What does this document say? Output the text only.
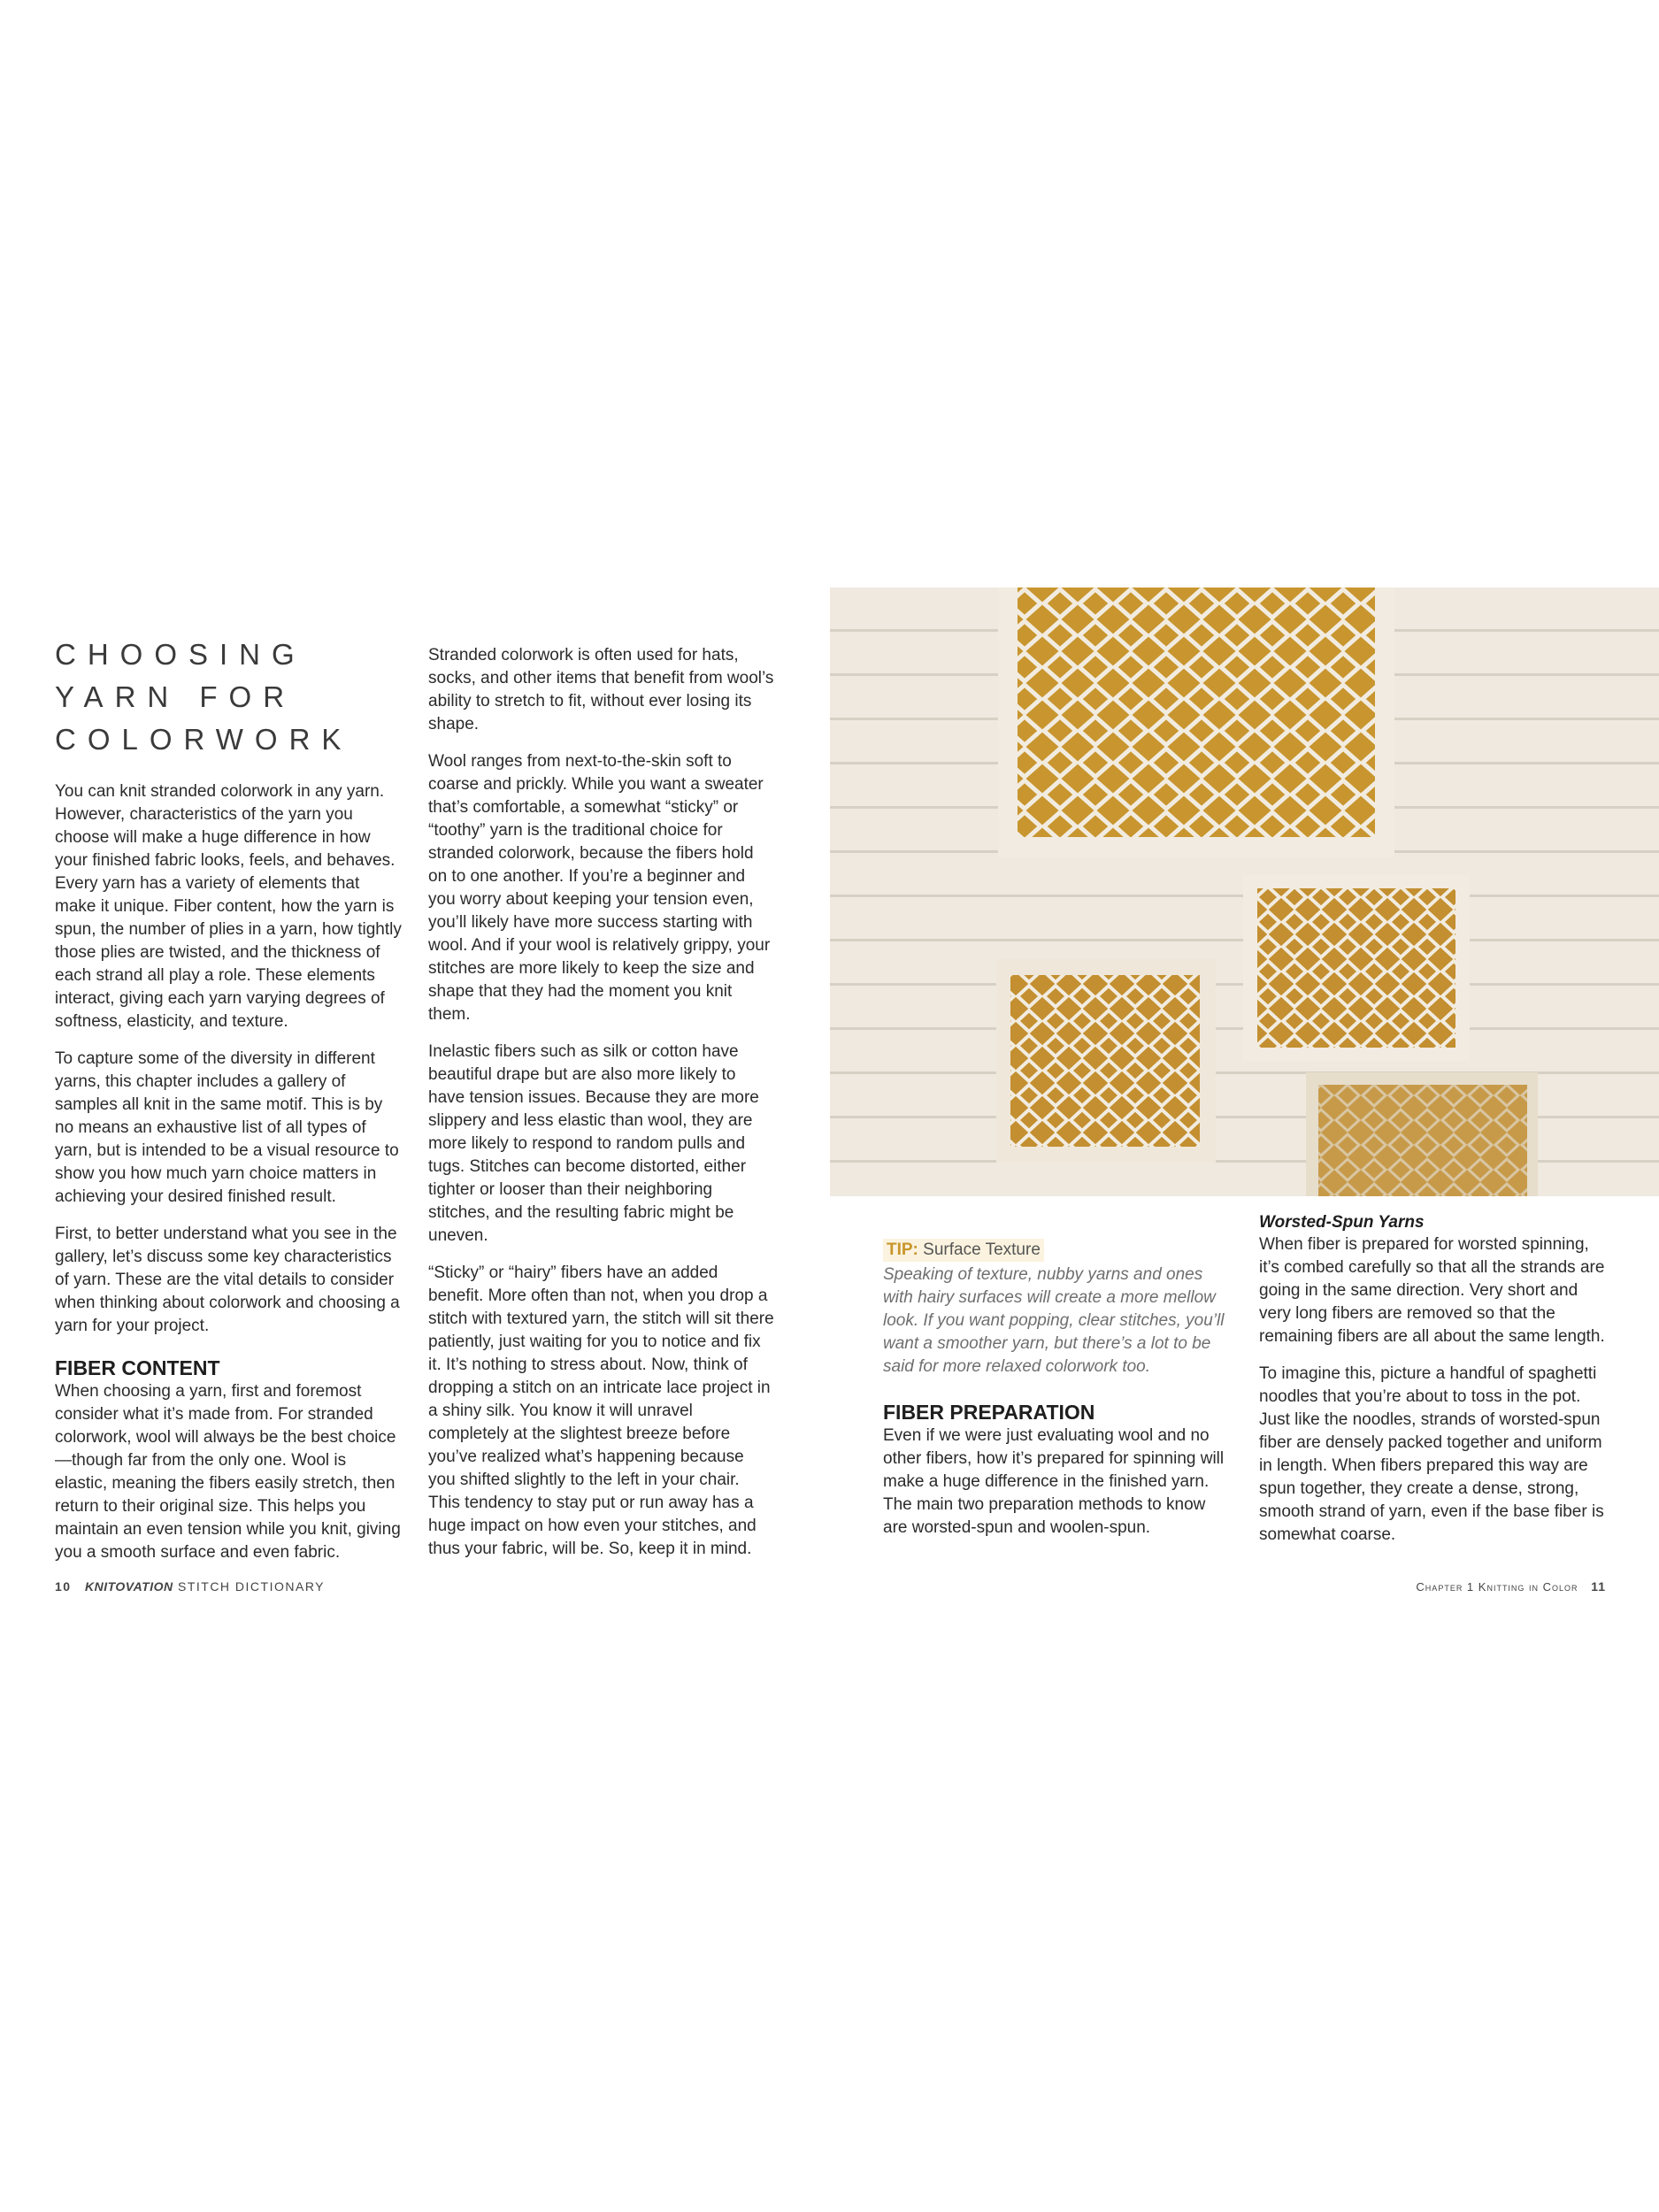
CHOOSING YARN FOR COLORWORK

You can knit stranded colorwork in any yarn. However, characteristics of the yarn you choose will make a huge difference in how your finished fabric looks, feels, and behaves. Every yarn has a variety of elements that make it unique. Fiber content, how the yarn is spun, the number of plies in a yarn, how tightly those plies are twisted, and the thickness of each strand all play a role. These elements interact, giving each yarn varying degrees of softness, elasticity, and texture.

To capture some of the diversity in different yarns, this chapter includes a gallery of samples all knit in the same motif. This is by no means an exhaustive list of all types of yarn, but is intended to be a visual resource to show you how much yarn choice matters in achieving your desired finished result.

First, to better understand what you see in the gallery, let’s discuss some key characteristics of yarn. These are the vital details to consider when thinking about colorwork and choosing a yarn for your project.

FIBER CONTENT

When choosing a yarn, first and foremost consider what it’s made from. For stranded colorwork, wool will always be the best choice—though far from the only one. Wool is elastic, meaning the fibers easily stretch, then return to their original size. This helps you maintain an even tension while you knit, giving you a smooth surface and even fabric.

Stranded colorwork is often used for hats, socks, and other items that benefit from wool’s ability to stretch to fit, without ever losing its shape.

Wool ranges from next-to-the-skin soft to coarse and prickly. While you want a sweater that’s comfortable, a somewhat “sticky” or “toothy” yarn is the traditional choice for stranded colorwork, because the fibers hold on to one another. If you’re a beginner and you worry about keeping your tension even, you’ll likely have more success starting with wool. And if your wool is relatively grippy, your stitches are more likely to keep the size and shape that they had the moment you knit them.

Inelastic fibers such as silk or cotton have beautiful drape but are also more likely to have tension issues. Because they are more slippery and less elastic than wool, they are more likely to respond to random pulls and tugs. Stitches can become distorted, either tighter or looser than their neighboring stitches, and the resulting fabric might be uneven.

“Sticky” or “hairy” fibers have an added benefit. More often than not, when you drop a stitch with textured yarn, the stitch will sit there patiently, just waiting for you to notice and fix it. It’s nothing to stress about. Now, think of dropping a stitch on an intricate lace project in a shiny silk. You know it will unravel completely at the slightest breeze before you’ve realized what’s happening because you shifted slightly to the left in your chair. This tendency to stay put or run away has a huge impact on how even your stitches, and thus your fabric, will be. So, keep it in mind.

10 KNITOVATION STITCH DICTIONARY
TIP: Surface Texture
Speaking of texture, nubby yarns and ones with hairy surfaces will create a more mellow look. If you want popping, clear stitches, you’ll want a smoother yarn, but there’s a lot to be said for more relaxed colorwork too.
FIBER PREPARATION

Even if we were just evaluating wool and no other fibers, how it’s prepared for spinning will make a huge difference in the finished yarn. The main two preparation methods to know are worsted-spun and woolen-spun.

Worsted-Spun Yarns

When fiber is prepared for worsted spinning, it’s combed carefully so that all the strands are going in the same direction. Very short and very long fibers are removed so that the remaining fibers are all about the same length.

To imagine this, picture a handful of spaghetti noodles that you’re about to toss in the pot. Just like the noodles, strands of worsted-spun fiber are densely packed together and uniform in length. When fibers prepared this way are spun together, they create a dense, strong, smooth strand of yarn, even if the base fiber is somewhat coarse.

Chapter 1 Knitting in Color 11
